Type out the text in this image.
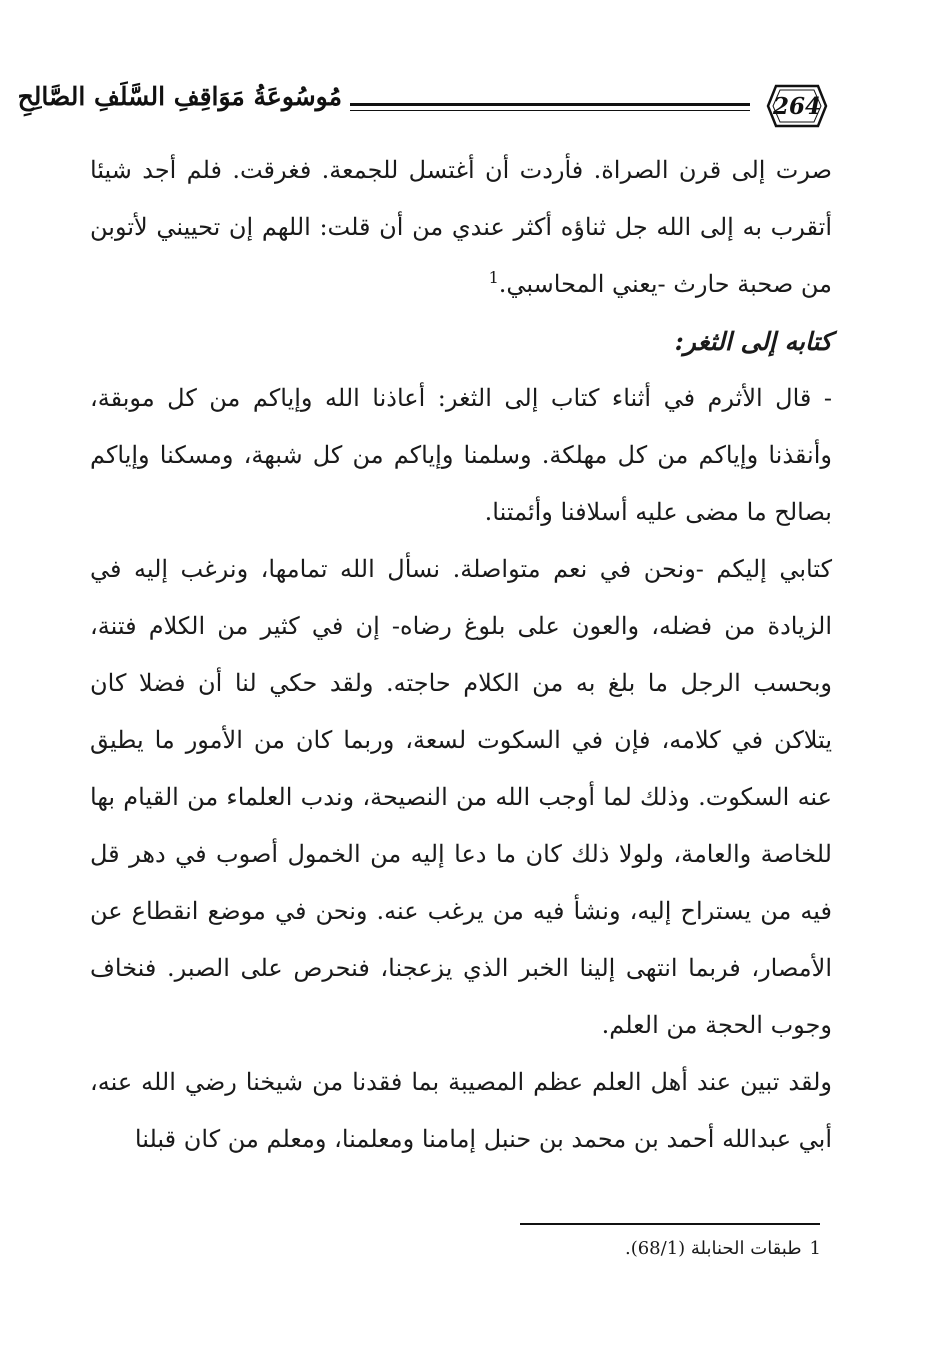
مُوسُوعَةُ مَوَاقِفِ السَّلَفِ الصَّالِحِ	264

صرت إلى قرن الصراة. فأردت أن أغتسل للجمعة. فغرقت. فلم أجد شيئا أتقرب به إلى الله جل ثناؤه أكثر عندي من أن قلت: اللهم إن تحييني لأتوبن من صحبة حارث -يعني المحاسبي.$^1$

كتابه إلى الثغر:

- قال الأثرم في أثناء كتاب إلى الثغر: أعاذنا الله وإياكم من كل موبقة، وأنقذنا وإياكم من كل مهلكة. وسلمنا وإياكم من كل شبهة، ومسكنا وإياكم بصالح ما مضى عليه أسلافنا وأئمتنا.

كتابي إليكم -ونحن في نعم متواصلة. نسأل الله تمامها، ونرغب إليه في الزيادة من فضله، والعون على بلوغ رضاه- إن في كثير من الكلام فتنة، وبحسب الرجل ما بلغ به من الكلام حاجته. ولقد حكي لنا أن فضلا كان يتلاكن في كلامه، فإن في السكوت لسعة، وربما كان من الأمور ما يطيق عنه السكوت. وذلك لما أوجب الله من النصيحة، وندب العلماء من القيام بها للخاصة والعامة، ولولا ذلك كان ما دعا إليه من الخمول أصوب في دهر قل فيه من يستراح إليه، ونشأ فيه من يرغب عنه. ونحن في موضع انقطاع عن الأمصار، فربما انتهى إلينا الخبر الذي يزعجنا، فنحرص على الصبر. فنخاف وجوب الحجة من العلم.

ولقد تبين عند أهل العلم عظم المصيبة بما فقدنا من شيخنا رضي الله عنه، أبي عبدالله أحمد بن محمد بن حنبل إمامنا ومعلمنا، ومعلم من كان قبلنا

1طبقات الحنابلة (68/1).
